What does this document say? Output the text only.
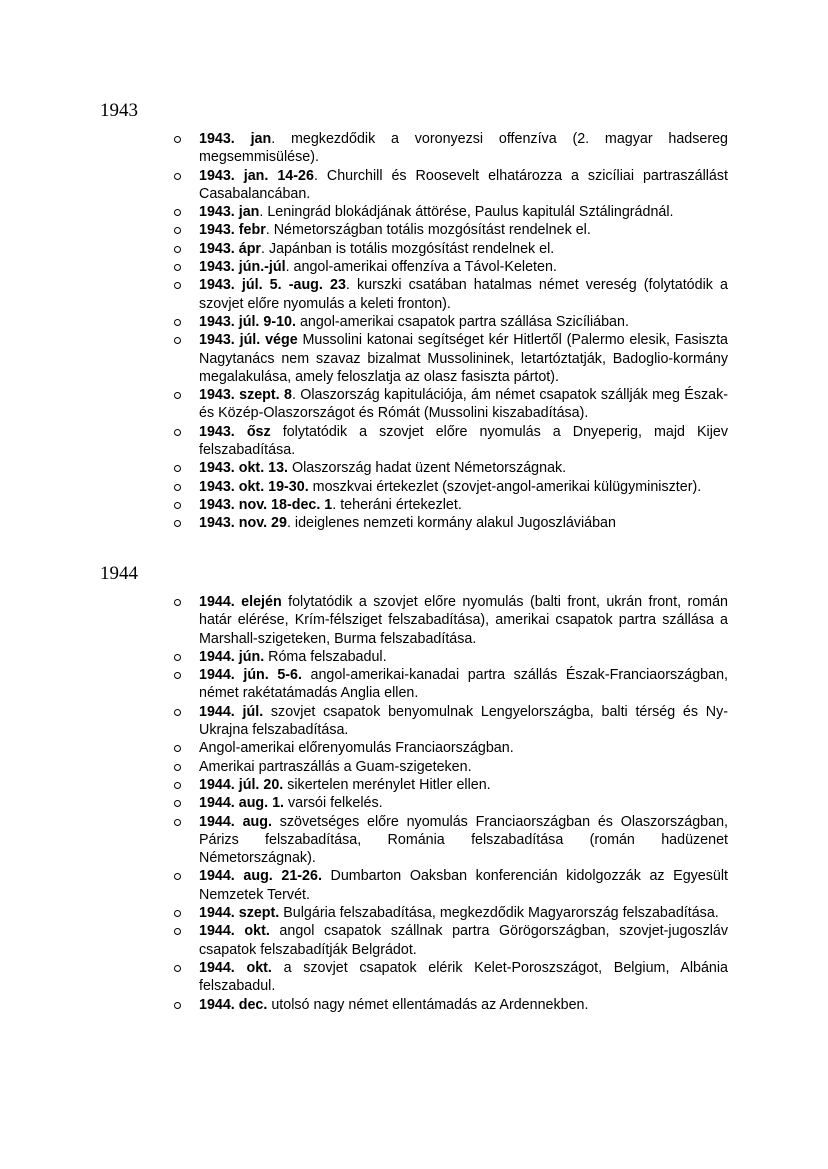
1943
1943. jan. megkezdődik a voronyezsi offenzíva (2. magyar hadsereg megsemmisülése).
1943. jan. 14-26. Churchill és Roosevelt elhatározza a szicíliai partraszállást Casabalancában.
1943. jan. Leningrád blokádjának áttörése, Paulus kapitulál Sztálingrádnál.
1943. febr. Németországban totális mozgósítást rendelnek el.
1943. ápr. Japánban is totális mozgósítást rendelnek el.
1943. jún.-júl. angol-amerikai offenzíva a Távol-Keleten.
1943. júl. 5. -aug. 23. kurszki csatában hatalmas német vereség (folytatódik a szovjet előre nyomulás a keleti fronton).
1943. júl. 9-10. angol-amerikai csapatok partra szállása Szicíliában.
1943. júl. vége Mussolini katonai segítséget kér Hitlertől (Palermo elesik, Fasiszta Nagytanács nem szavaz bizalmat Mussolininek, letartóztatják, Badoglio-kormány megalakulása, amely feloszlatja az olasz fasiszta pártot).
1943. szept. 8. Olaszország kapitulációja, ám német csapatok szállják meg Észak- és Közép-Olaszországot és Rómát (Mussolini kiszabadítása).
1943. ősz folytatódik a szovjet előre nyomulás a Dnyeperig, majd Kijev felszabadítása.
1943. okt. 13. Olaszország hadat üzent Németországnak.
1943. okt. 19-30. moszkvai értekezlet (szovjet-angol-amerikai külügyminiszter).
1943. nov. 18-dec. 1. teheráni értekezlet.
1943. nov. 29. ideiglenes nemzeti kormány alakul Jugoszláviában
1944
1944. elején folytatódik a szovjet előre nyomulás (balti front, ukrán front, román határ elérése, Krím-félsziget felszabadítása), amerikai csapatok partra szállása a Marshall-szigeteken, Burma felszabadítása.
1944. jún. Róma felszabadul.
1944. jún. 5-6. angol-amerikai-kanadai partra szállás Észak-Franciaországban, német rakétatámadás Anglia ellen.
1944. júl. szovjet csapatok benyomulnak Lengyelországba, balti térség és Ny-Ukrajna felszabadítása.
Angol-amerikai előrenyomulás Franciaországban.
Amerikai partraszállás a Guam-szigeteken.
1944. júl. 20. sikertelen merénylet Hitler ellen.
1944. aug. 1. varsói felkelés.
1944. aug. szövetséges előre nyomulás Franciaországban és Olaszországban, Párizs felszabadítása, Románia felszabadítása (román hadüzenet Németországnak).
1944. aug. 21-26. Dumbarton Oaksban konferencián kidolgozzák az Egyesült Nemzetek Tervét.
1944. szept. Bulgária felszabadítása, megkezdődik Magyarország felszabadítása.
1944. okt. angol csapatok szállnak partra Görögországban, szovjet-jugoszláv csapatok felszabadítják Belgrádot.
1944. okt. a szovjet csapatok elérik Kelet-Poroszszágot, Belgium, Albánia felszabadul.
1944. dec. utolsó nagy német ellentámadás az Ardennekben.
